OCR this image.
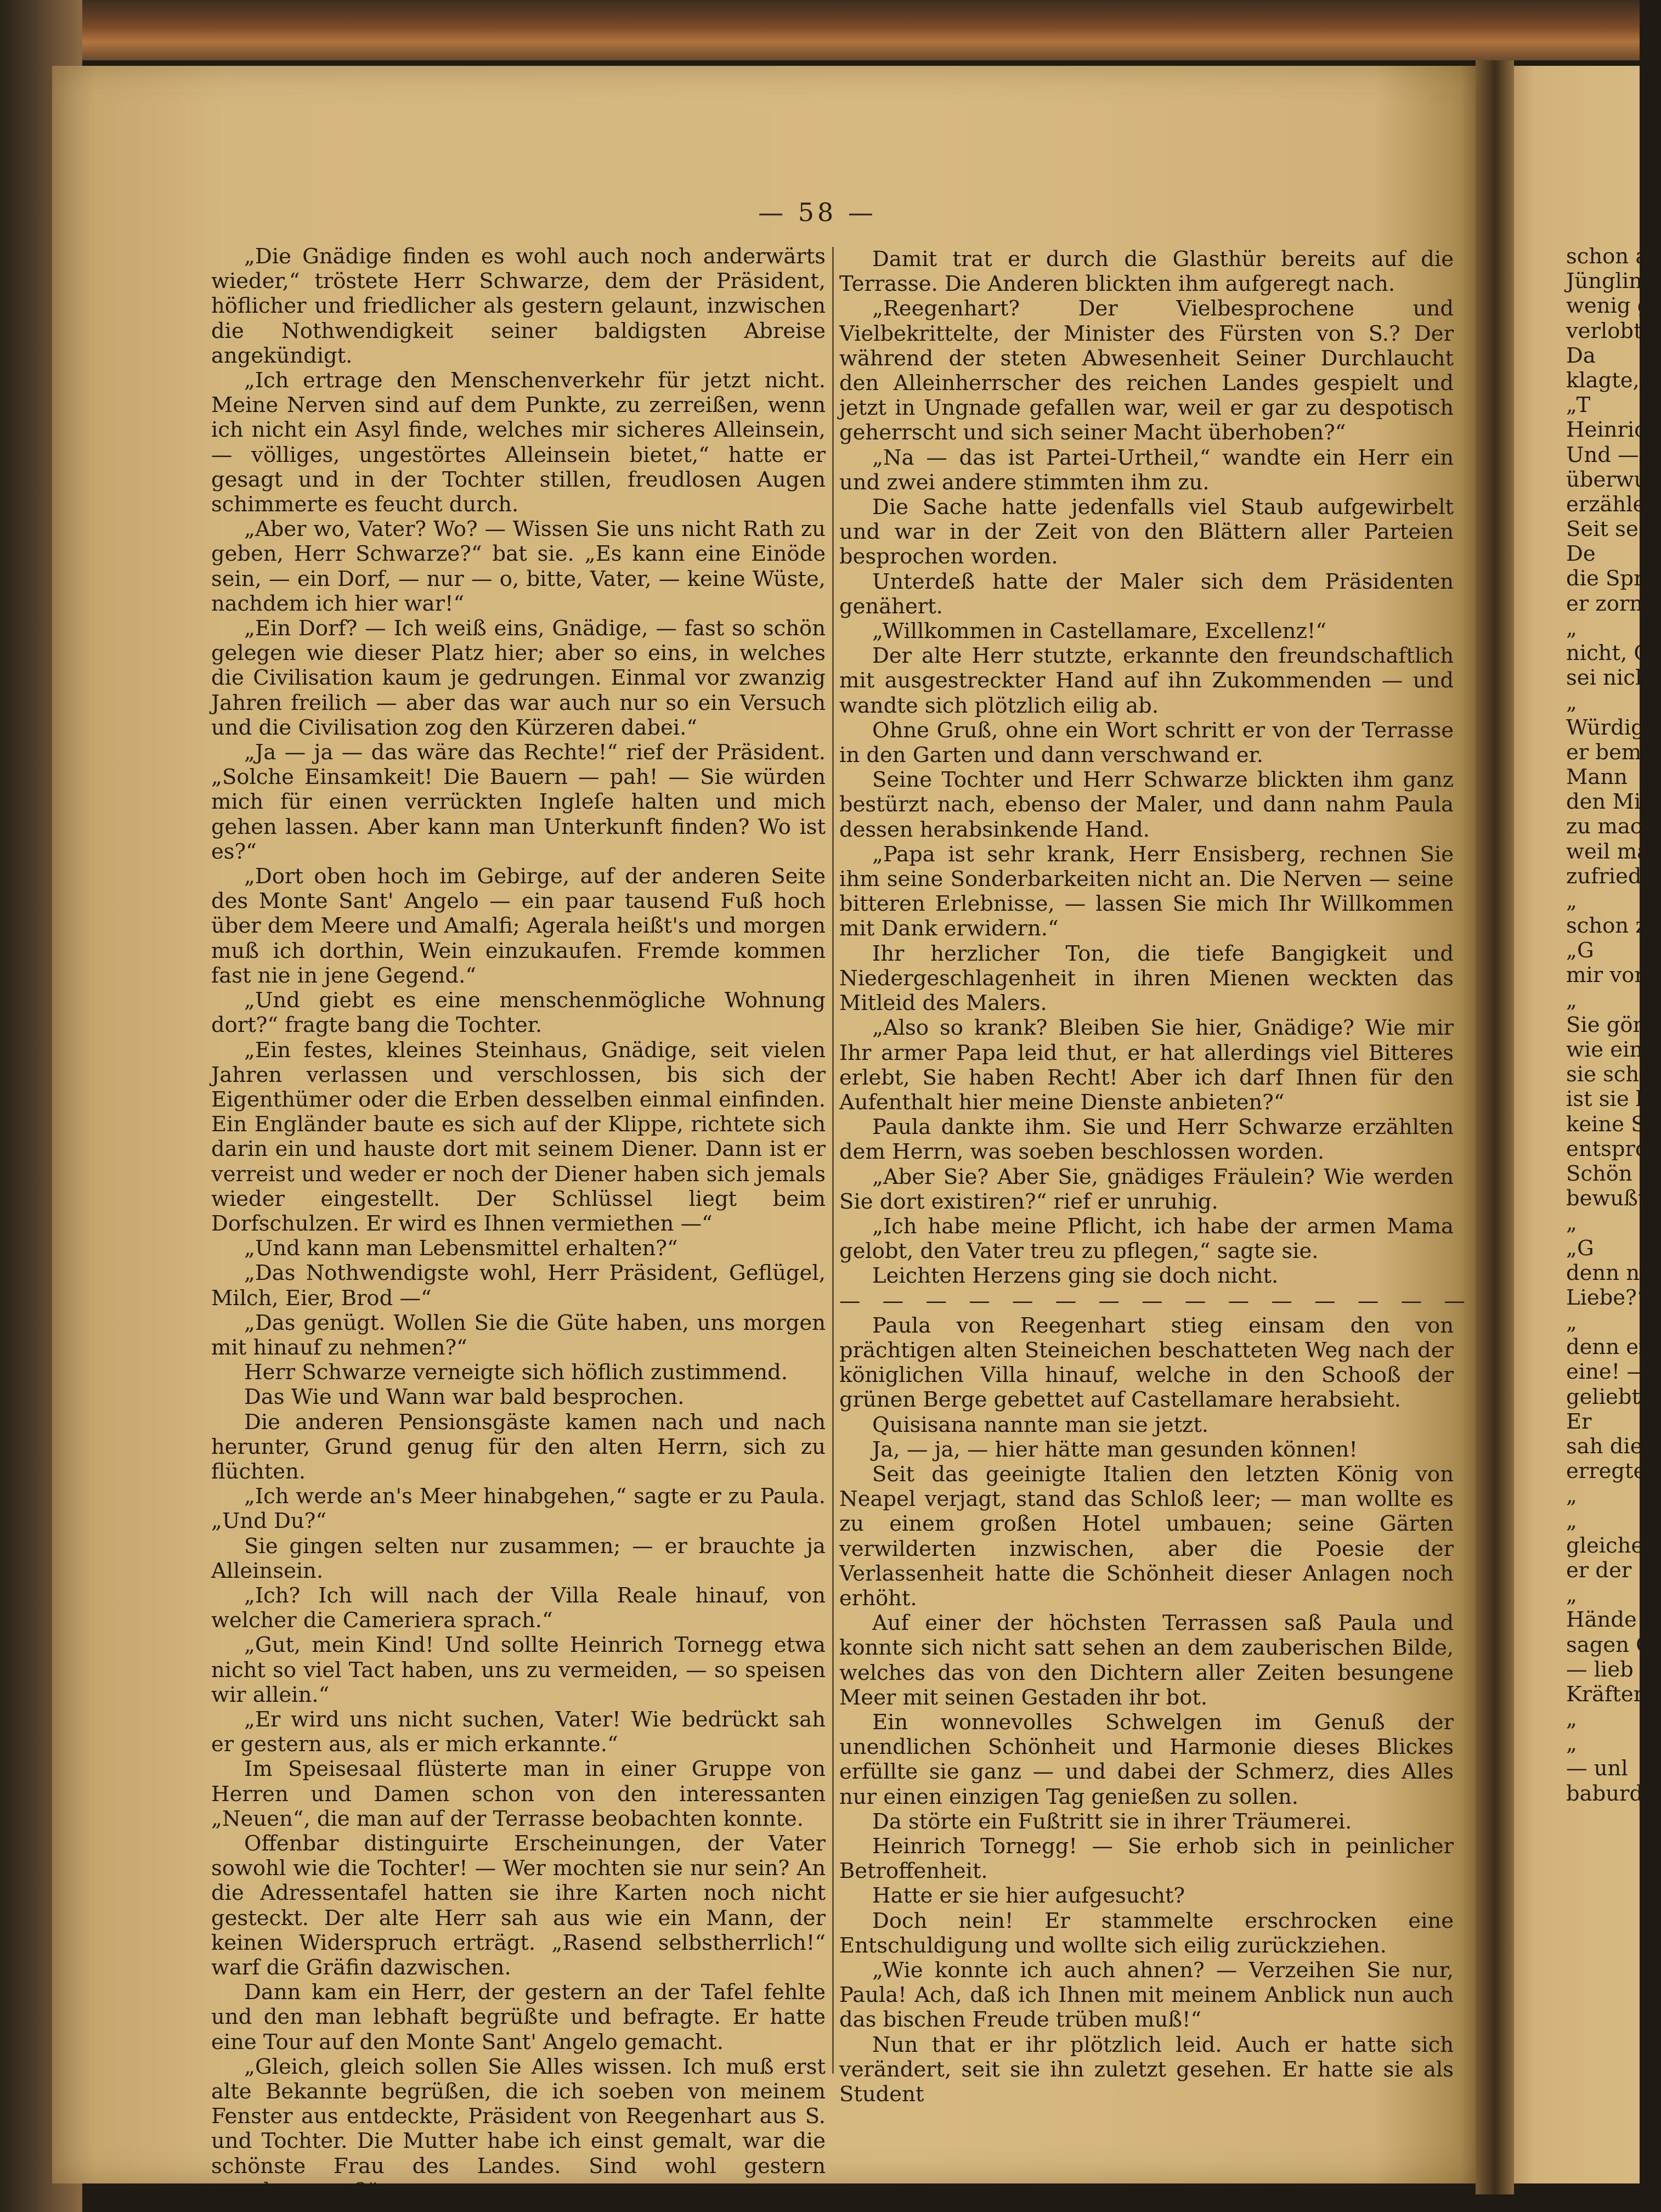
— 58 —

„Die Gnädige finden es wohl auch noch anderwärts wieder,“ tröstete Herr Schwarze, dem der Präsident, höflicher und friedlicher als gestern gelaunt, inzwischen die Nothwendigkeit seiner baldigsten Abreise angekündigt.

„Ich ertrage den Menschenverkehr für jetzt nicht. Meine Nerven sind auf dem Punkte, zu zerreißen, wenn ich nicht ein Asyl finde, welches mir sicheres Alleinsein, — völliges, ungestörtes Alleinsein bietet,“ hatte er gesagt und in der Tochter stillen, freudlosen Augen schimmerte es feucht durch.

„Aber wo, Vater? Wo? — Wissen Sie uns nicht Rath zu geben, Herr Schwarze?“ bat sie. „Es kann eine Einöde sein, — ein Dorf, — nur — o, bitte, Vater, — keine Wüste, nachdem ich hier war!“

„Ein Dorf? — Ich weiß eins, Gnädige, — fast so schön gelegen wie dieser Platz hier; aber so eins, in welches die Civilisation kaum je gedrungen. Einmal vor zwanzig Jahren freilich — aber das war auch nur so ein Versuch und die Civilisation zog den Kürzeren dabei.“

„Ja — ja — das wäre das Rechte!“ rief der Präsident. „Solche Einsamkeit! Die Bauern — pah! — Sie würden mich für einen verrückten Ingleſe halten und mich gehen lassen. Aber kann man Unterkunft finden? Wo ist es?“

„Dort oben hoch im Gebirge, auf der anderen Seite des Monte Sant' Angelo — ein paar tausend Fuß hoch über dem Meere und Amalfi; Agerala heißt's und morgen muß ich dorthin, Wein einzukaufen. Fremde kommen fast nie in jene Gegend.“

„Und giebt es eine menschenmögliche Wohnung dort?“ fragte bang die Tochter.

„Ein festes, kleines Steinhaus, Gnädige, seit vielen Jahren verlassen und verschlossen, bis sich der Eigenthümer oder die Erben desselben einmal einfinden. Ein Engländer baute es sich auf der Klippe, richtete sich darin ein und hauste dort mit seinem Diener. Dann ist er verreist und weder er noch der Diener haben sich jemals wieder eingestellt. Der Schlüssel liegt beim Dorfschulzen. Er wird es Ihnen vermiethen —“

„Und kann man Lebensmittel erhalten?“

„Das Nothwendigste wohl, Herr Präsident, Geflügel, Milch, Eier, Brod —“

„Das genügt. Wollen Sie die Güte haben, uns morgen mit hinauf zu nehmen?“

Herr Schwarze verneigte sich höflich zustimmend.

Das Wie und Wann war bald besprochen.

Die anderen Pensionsgäste kamen nach und nach herunter, Grund genug für den alten Herrn, sich zu flüchten.

„Ich werde an's Meer hinabgehen,“ sagte er zu Paula. „Und Du?“

Sie gingen selten nur zusammen; — er brauchte ja Alleinsein.

„Ich? Ich will nach der Villa Reale hinauf, von welcher die Cameriera sprach.“

„Gut, mein Kind! Und sollte Heinrich Tornegg etwa nicht so viel Tact haben, uns zu vermeiden, — so speisen wir allein.“

„Er wird uns nicht suchen, Vater! Wie bedrückt sah er gestern aus, als er mich erkannte.“

Im Speisesaal flüsterte man in einer Gruppe von Herren und Damen schon von den interessanten „Neuen“, die man auf der Terrasse beobachten konnte.

Offenbar distinguirte Erscheinungen, der Vater sowohl wie die Tochter! — Wer mochten sie nur sein? An die Adressentafel hatten sie ihre Karten noch nicht gesteckt. Der alte Herr sah aus wie ein Mann, der keinen Widerspruch erträgt. „Rasend selbstherrlich!“ warf die Gräfin dazwischen.

Dann kam ein Herr, der gestern an der Tafel fehlte und den man lebhaft begrüßte und befragte. Er hatte eine Tour auf den Monte Sant' Angelo gemacht.

„Gleich, gleich sollen Sie Alles wissen. Ich muß erst alte Bekannte begrüßen, die ich soeben von meinem Fenster aus entdeckte, Präsident von Reegenhart aus S. und Tochter. Die Mutter habe ich einst gemalt, war die schönste Frau des Landes. Sind wohl gestern angekommen?“

Damit trat er durch die Glasthür bereits auf die Terrasse. Die Anderen blickten ihm aufgeregt nach.

„Reegenhart? Der Vielbesprochene und Vielbekrittelte, der Minister des Fürsten von S.? Der während der steten Abwesenheit Seiner Durchlaucht den Alleinherrscher des reichen Landes gespielt und jetzt in Ungnade gefallen war, weil er gar zu despotisch geherrscht und sich seiner Macht überhoben?“

„Na — das ist Partei-Urtheil,“ wandte ein Herr ein und zwei andere stimmten ihm zu.

Die Sache hatte jedenfalls viel Staub aufgewirbelt und war in der Zeit von den Blättern aller Parteien besprochen worden.

Unterdeß hatte der Maler sich dem Präsidenten genähert.

„Willkommen in Castellamare, Excellenz!“

Der alte Herr stutzte, erkannte den freundschaftlich mit ausgestreckter Hand auf ihn Zukommenden — und wandte sich plötzlich eilig ab.

Ohne Gruß, ohne ein Wort schritt er von der Terrasse in den Garten und dann verschwand er.

Seine Tochter und Herr Schwarze blickten ihm ganz bestürzt nach, ebenso der Maler, und dann nahm Paula dessen herabsinkende Hand.

„Papa ist sehr krank, Herr Ensisberg, rechnen Sie ihm seine Sonderbarkeiten nicht an. Die Nerven — seine bitteren Erlebnisse, — lassen Sie mich Ihr Willkommen mit Dank erwidern.“

Ihr herzlicher Ton, die tiefe Bangigkeit und Niedergeschlagenheit in ihren Mienen weckten das Mitleid des Malers.

„Also so krank? Bleiben Sie hier, Gnädige? Wie mir Ihr armer Papa leid thut, er hat allerdings viel Bitteres erlebt, Sie haben Recht! Aber ich darf Ihnen für den Aufenthalt hier meine Dienste anbieten?“

Paula dankte ihm. Sie und Herr Schwarze erzählten dem Herrn, was soeben beschlossen worden.

„Aber Sie? Aber Sie, gnädiges Fräulein? Wie werden Sie dort existiren?“ rief er unruhig.

„Ich habe meine Pflicht, ich habe der armen Mama gelobt, den Vater treu zu pflegen,“ sagte sie.

Leichten Herzens ging sie doch nicht.

— — — — — — — — — — — — — — —

Paula von Reegenhart stieg einsam den von prächtigen alten Steineichen beschatteten Weg nach der königlichen Villa hinauf, welche in den Schooß der grünen Berge gebettet auf Castellamare herabsieht.

Quisisana nannte man sie jetzt.

Ja, — ja, — hier hätte man gesunden können!

Seit das geeinigte Italien den letzten König von Neapel verjagt, stand das Schloß leer; — man wollte es zu einem großen Hotel umbauen; seine Gärten verwilderten inzwischen, aber die Poesie der Verlassenheit hatte die Schönheit dieser Anlagen noch erhöht.

Auf einer der höchsten Terrassen saß Paula und konnte sich nicht satt sehen an dem zauberischen Bilde, welches das von den Dichtern aller Zeiten besungene Meer mit seinen Gestaden ihr bot.

Ein wonnevolles Schwelgen im Genuß der unendlichen Schönheit und Harmonie dieses Blickes erfüllte sie ganz — und dabei der Schmerz, dies Alles nur einen einzigen Tag genießen zu sollen.

Da störte ein Fußtritt sie in ihrer Träumerei.

Heinrich Tornegg! — Sie erhob sich in peinlicher Betroffenheit.

Hatte er sie hier aufgesucht?

Doch nein! Er stammelte erschrocken eine Entschuldigung und wollte sich eilig zurückziehen.

„Wie konnte ich auch ahnen? — Verzeihen Sie nur, Paula! Ach, daß ich Ihnen mit meinem Anblick nun auch das bischen Freude trüben muß!“

Nun that er ihr plötzlich leid. Auch er hatte sich verändert, seit sie ihn zuletzt gesehen. Er hatte sie als Student

schon a
Jünglin
wenig g
verlobt.
Da
klagte, i
„T
Heinrich
Und —
überwun
erzählen
Seit se
De
die Spr
er zorni
„
nicht, G
sei nicht
„
Würdig
er bem
Mann
den Mi
zu mach
weil ma
zufriede
„
schon zu
„G
mir von
„
Sie gön
wie ein
sie scho
ist sie l
keine S
entsprof
Schön
bewußt
„
„G
denn n
Liebe?“
„
denn ei
eine! —
geliebt
Er
sah die
erregte
„
„
gleiche,
er der
„
Hände
sagen G
— lieb
Kräften
„
„
— unl
baburd
